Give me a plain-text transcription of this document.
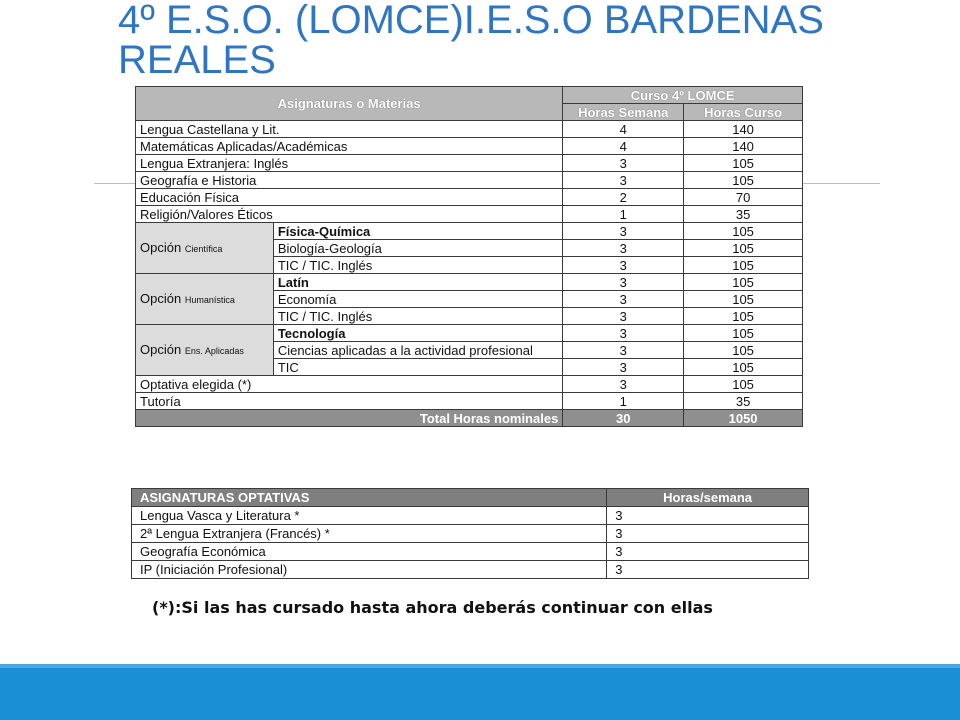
4º E.S.O. (LOMCE)I.E.S.O BARDENAS REALES
Asignaturas o Materias		Curso 4º LOMCE	
		Horas Semana	Horas Curso
Lengua Castellana y Lit.		4	140
Matemáticas Aplicadas/Académicas		4	140
Lengua Extranjera: Inglés		3	105
Geografía e Historia		3	105
Educación Física		2	70
Religión/Valores Éticos		1	35
Opción Científica	Física-Química	3	105
	Biología-Geología	3	105
	TIC / TIC. Inglés	3	105
Opción Humanística	Latín	3	105
	Economía	3	105
	TIC / TIC. Inglés	3	105
Opción Ens. Aplicadas	Tecnología	3	105
	Ciencias aplicadas a la actividad profesional	3	105
	TIC	3	105
Optativa elegida (*)		3	105
Tutoría		1	35
Total Horas nominales		30	1050
ASIGNATURAS OPTATIVAS	Horas/semana
Lengua Vasca y Literatura *	3
2ª Lengua Extranjera (Francés) *	3
Geografía Económica	3
IP (Iniciación Profesional)	3
(*):Si las has cursado hasta ahora deberás continuar con ellas
